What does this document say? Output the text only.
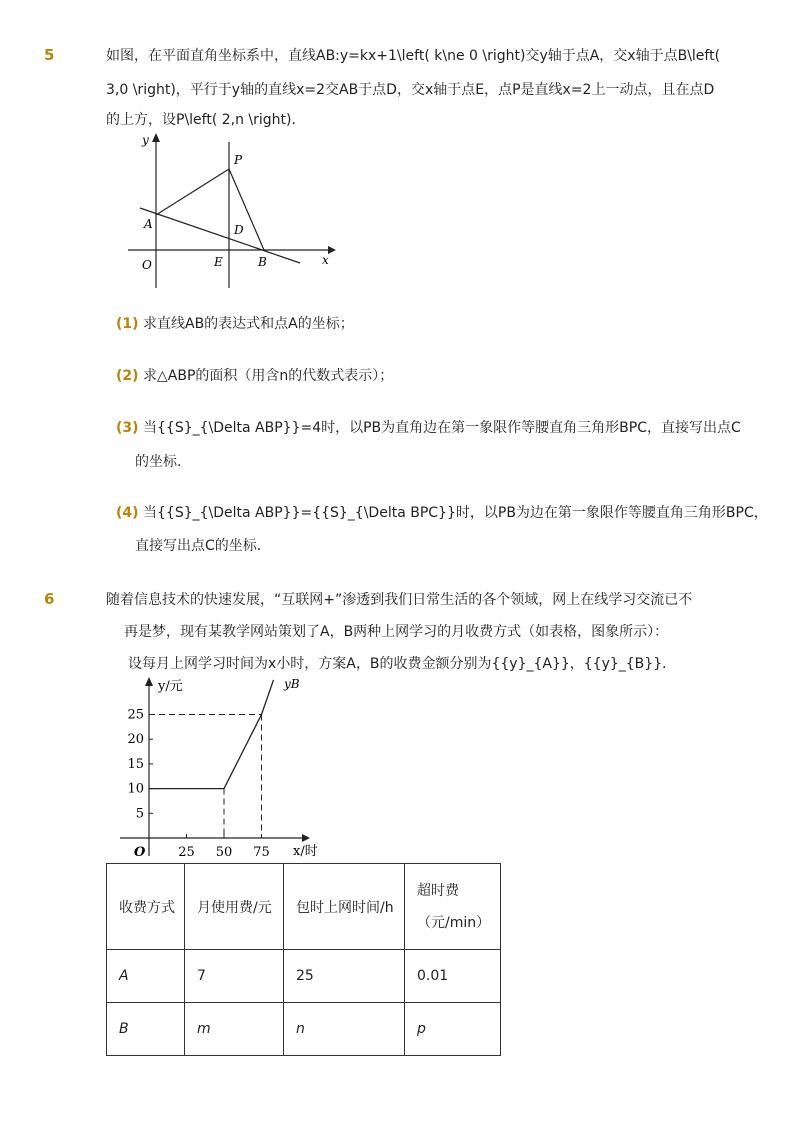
5	如图，在平面直角坐标系中，直线AB:y=kx+1\left( k\ne 0 \right)交y轴于点A，交x轴于点B\left(
3,0 \right)，平行于y轴的直线x=2交AB于点D，交x轴于点E，点P是直线x=2上一动点，且在点D
的上方，设P\left( 2,n \right)．
y
x
P
A	D
O	E	B
(1) 求直线AB的表达式和点A的坐标；
(2) 求△ABP的面积（用含n的代数式表示）；
(3) 当{{S}_{\Delta ABP}}=4时，以PB为直角边在第一象限作等腰直角三角形BPC，直接写出点C
的坐标．
(4) 当{{S}_{\Delta ABP}}={{S}_{\Delta BPC}}时，以PB为边在第一象限作等腰直角三角形BPC，
直接写出点C的坐标．
6	随着信息技术的快速发展，“互联网+”渗透到我们日常生活的各个领域，网上在线学习交流已不
再是梦，现有某教学网站策划了A，B两种上网学习的月收费方式（如表格，图象所示）：
设每月上网学习时间为x小时，方案A，B的收费金额分别为{{y}_{A}}，{{y}_{B}}．
y/元
x/时
yB
O
25
20
15
10
5
25 50 75
收费方式	月使用费/元	包时上网时间/h	超时费
（元/min）

A	7	25	0.01
B	m	n	p
